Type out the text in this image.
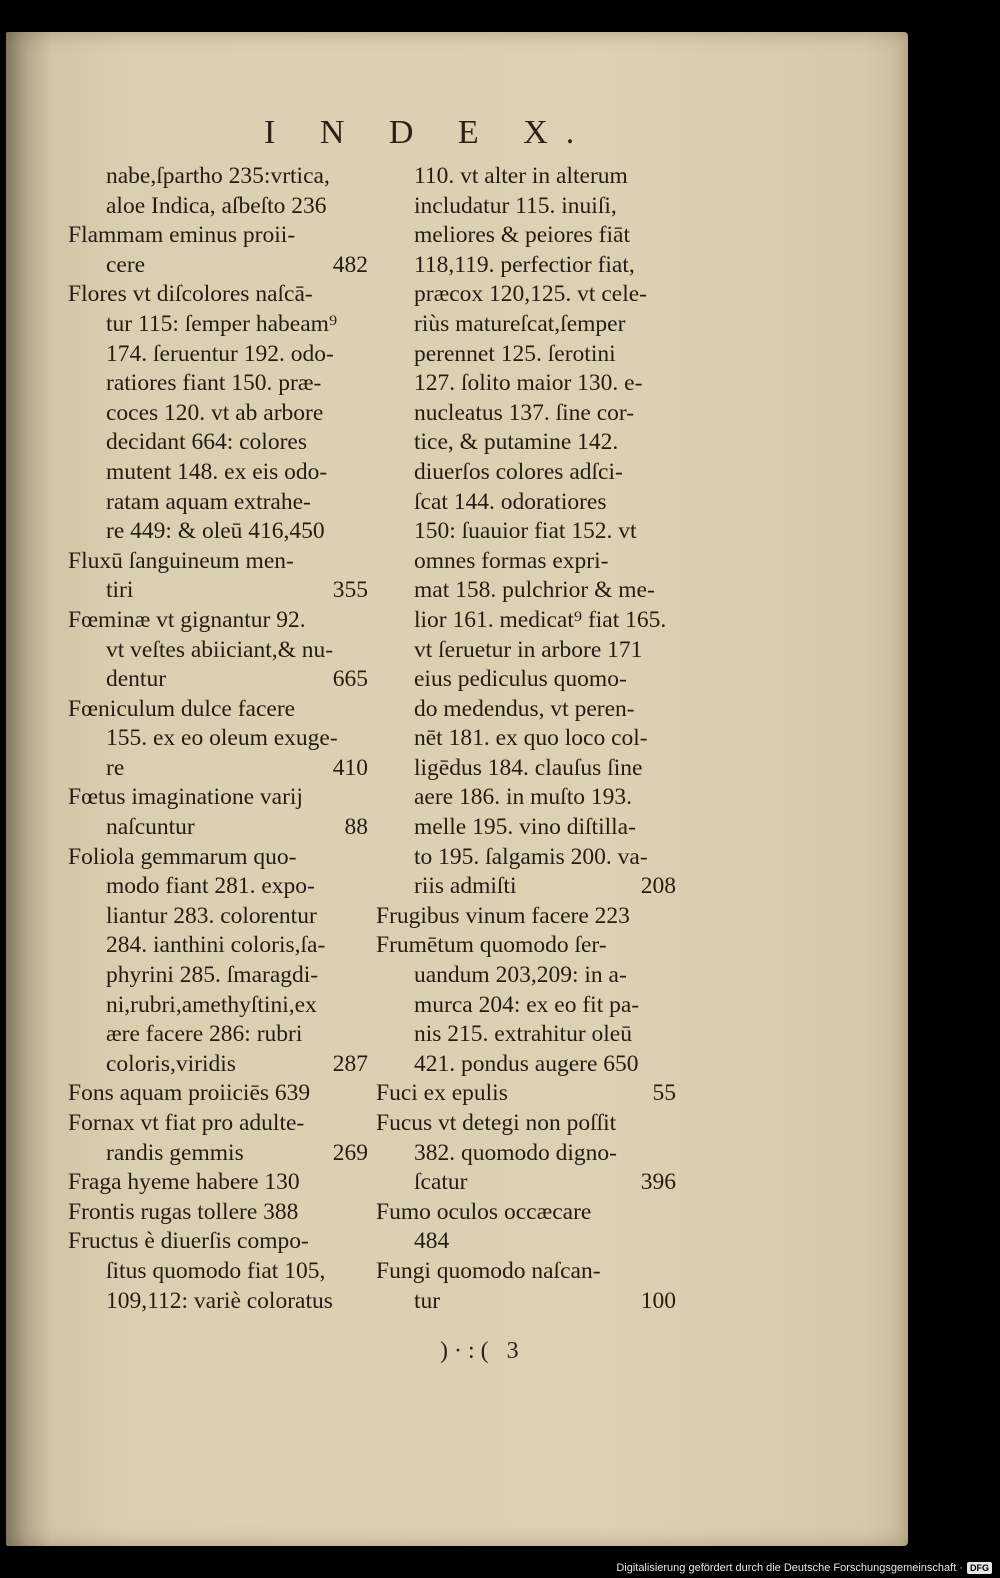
I N D E X.
nabe,ſpartho 235:vrtica,
aloe Indica, aſbeſto 236
Flammam eminus proii-
cere	482
Flores vt diſcolores naſcā-
tur 115: ſemper habeam⁹
174. ſeruentur 192. odo-
ratiores fiant 150. præ-
coces 120. vt ab arbore
decidant 664: colores
mutent 148. ex eis odo-
ratam aquam extrahe-
re 449: & oleū 416,450
Fluxū ſanguineum men-
tiri	355
Fœminæ vt gignantur 92.
vt veſtes abiiciant,& nu-
dentur	665
Fœniculum dulce facere
155. ex eo oleum exuge-
re	410
Fœtus imaginatione varij
naſcuntur	88
Foliola gemmarum quo-
modo fiant 281. expo-
liantur 283. colorentur
284. ianthini coloris,ſa-
phyrini 285. ſmaragdi-
ni,rubri,amethyſtini,ex
ære facere 286: rubri
coloris,viridis	287
Fons aquam proiiciēs 639
Fornax vt fiat pro adulte-
randis gemmis	269
Fraga hyeme habere 130
Frontis rugas tollere 388
Fructus è diuerſis compo-
ſitus quomodo fiat 105,
109,112: variè coloratus
110. vt alter in alterum
includatur 115. inuiſi,
meliores & peiores fiāt
118,119. perfectior fiat,
præcox 120,125. vt cele-
riùs matureſcat,ſemper
perennet 125. ſerotini
127. ſolito maior 130. e-
nucleatus 137. ſine cor-
tice, & putamine 142.
diuerſos colores adſci-
ſcat 144. odoratiores
150: ſuauior fiat 152. vt
omnes formas expri-
mat 158. pulchrior & me-
lior 161. medicat⁹ fiat 165.
vt ſeruetur in arbore 171
eius pediculus quomo-
do medendus, vt peren-
nēt 181. ex quo loco col-
ligēdus 184. clauſus ſine
aere 186. in muſto 193.
melle 195. vino diſtilla-
to 195. ſalgamis 200. va-
riis admiſti	208
Frugibus vinum facere 223
Frumētum quomodo ſer-
uandum 203,209: in a-
murca 204: ex eo fit pa-
nis 215. extrahitur oleū
421. pondus augere 650
Fuci ex epulis	55
Fucus vt detegi non poſſit
382. quomodo digno-
ſcatur	396
Fumo oculos occæcare
484
Fungi quomodo naſcan-
tur	100
)·:( 3
Digitalisierung gefördert durch die Deutsche Forschungsgemeinschaft · DFG
